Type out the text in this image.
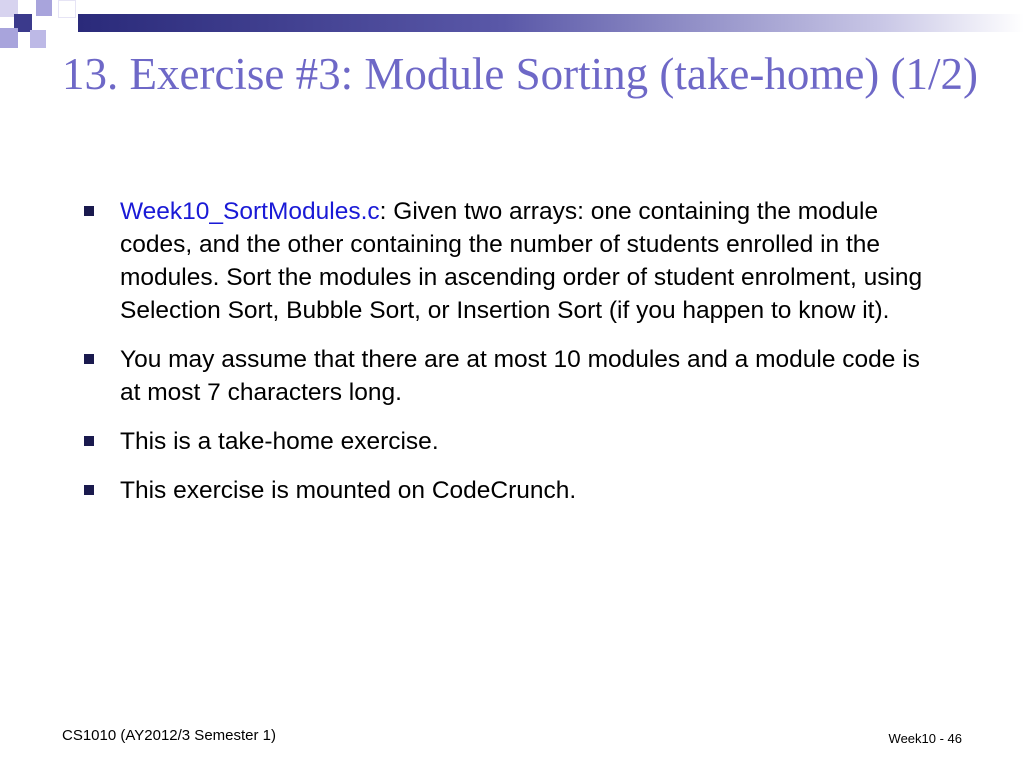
13. Exercise #3: Module Sorting (take-home) (1/2)
Week10_SortModules.c: Given two arrays: one containing the module codes, and the other containing the number of students enrolled in the modules. Sort the modules in ascending order of student enrolment, using Selection Sort, Bubble Sort, or Insertion Sort (if you happen to know it).
You may assume that there are at most 10 modules and a module code is at most 7 characters long.
This is a take-home exercise.
This exercise is mounted on CodeCrunch.
CS1010 (AY2012/3 Semester 1)	Week10 - 46
